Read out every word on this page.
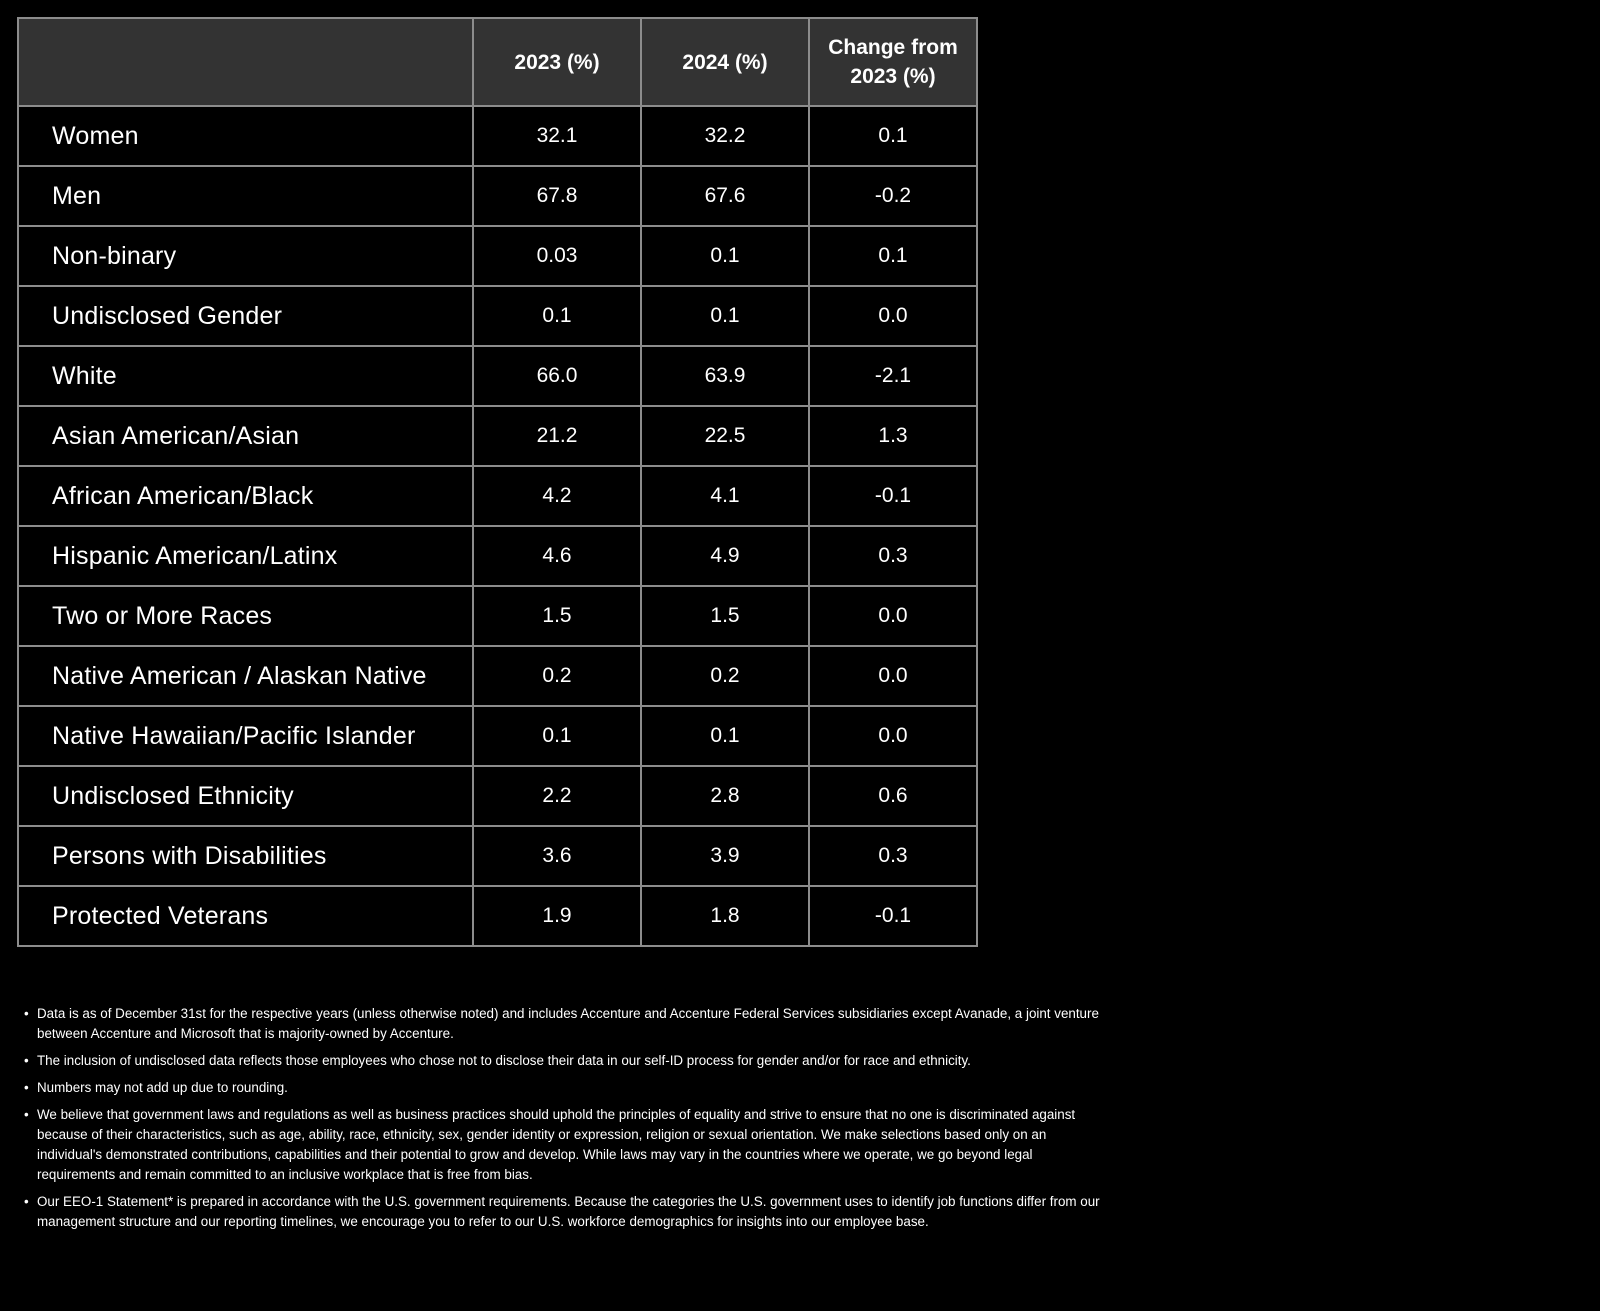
	2023 (%)	2024 (%)	Change from 2023 (%)
Women	32.1	32.2	0.1
Men	67.8	67.6	-0.2
Non-binary	0.03	0.1	0.1
Undisclosed Gender	0.1	0.1	0.0
White	66.0	63.9	-2.1
Asian American/Asian	21.2	22.5	1.3
African American/Black	4.2	4.1	-0.1
Hispanic American/Latinx	4.6	4.9	0.3
Two or More Races	1.5	1.5	0.0
Native American / Alaskan Native	0.2	0.2	0.0
Native Hawaiian/Pacific Islander	0.1	0.1	0.0
Undisclosed Ethnicity	2.2	2.8	0.6
Persons with Disabilities	3.6	3.9	0.3
Protected Veterans	1.9	1.8	-0.1
• Data is as of December 31st for the respective years (unless otherwise noted) and includes Accenture and Accenture Federal Services subsidiaries except Avanade, a joint venture between Accenture and Microsoft that is majority-owned by Accenture.
• The inclusion of undisclosed data reflects those employees who chose not to disclose their data in our self-ID process for gender and/or for race and ethnicity.
• Numbers may not add up due to rounding.
• We believe that government laws and regulations as well as business practices should uphold the principles of equality and strive to ensure that no one is discriminated against because of their characteristics, such as age, ability, race, ethnicity, sex, gender identity or expression, religion or sexual orientation. We make selections based only on an individual's demonstrated contributions, capabilities and their potential to grow and develop. While laws may vary in the countries where we operate, we go beyond legal requirements and remain committed to an inclusive workplace that is free from bias.
• Our EEO-1 Statement* is prepared in accordance with the U.S. government requirements. Because the categories the U.S. government uses to identify job functions differ from our management structure and our reporting timelines, we encourage you to refer to our U.S. workforce demographics for insights into our employee base.
